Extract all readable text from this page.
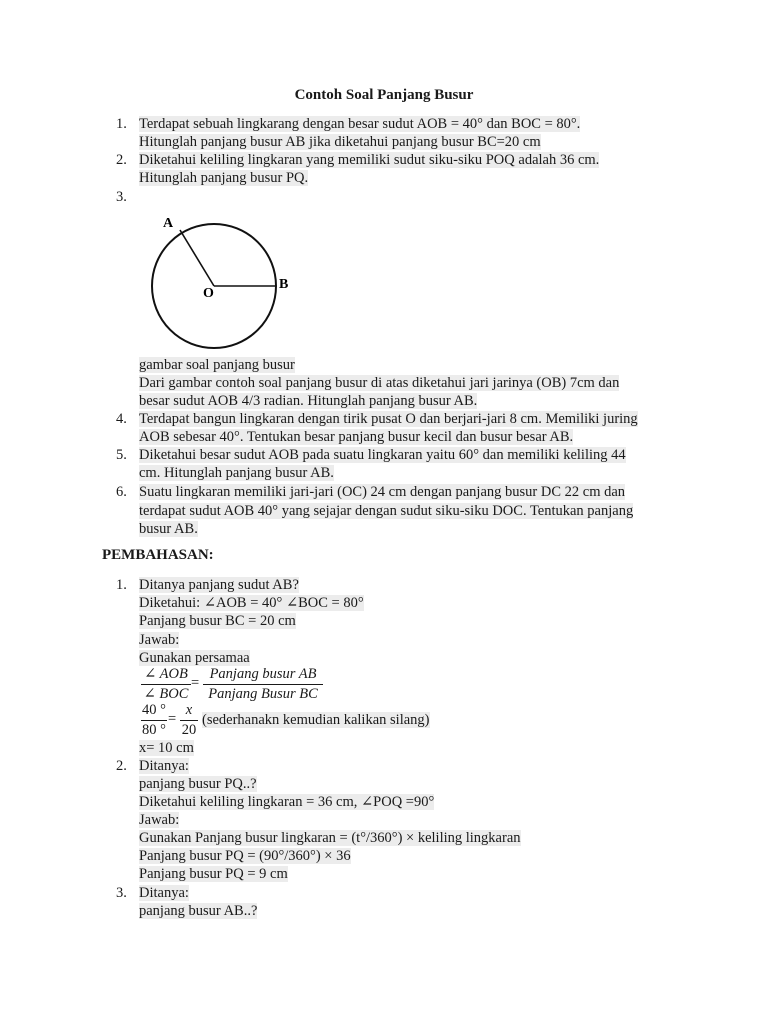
Contoh Soal Panjang Busur
1. Terdapat sebuah lingkarang dengan besar sudut AOB = 40° dan BOC = 80°.
Hitunglah panjang busur AB jika diketahui panjang busur BC=20 cm
2. Diketahui keliling lingkaran yang memiliki sudut siku-siku POQ adalah 36 cm.
Hitunglah panjang busur PQ.
3.
A
O
B
gambar soal panjang busur
Dari gambar contoh soal panjang busur di atas diketahui jari jarinya (OB) 7cm dan
besar sudut AOB 4/3 radian. Hitunglah panjang busur AB.
4. Terdapat bangun lingkaran dengan tirik pusat O dan berjari-jari 8 cm. Memiliki juring
AOB sebesar 40°. Tentukan besar panjang busur kecil dan busur besar AB.
5. Diketahui besar sudut AOB pada suatu lingkaran yaitu 60° dan memiliki keliling 44
cm. Hitunglah panjang busur AB.
6. Suatu lingkaran memiliki jari-jari (OC) 24 cm dengan panjang busur DC 22 cm dan
terdapat sudut AOB 40° yang sejajar dengan sudut siku-siku DOC. Tentukan panjang
busur AB.
PEMBAHASAN:
1. Ditanya panjang sudut AB?
Diketahui: ∠AOB = 40° ∠BOC = 80°
Panjang busur BC = 20 cm
Jawab:
Gunakan persamaa
∠ AOB
∠ BOC
=
Panjang busur AB
Panjang Busur BC
40 °
80 °
=
x
20
(sederhanakn kemudian kalikan silang)
x= 10 cm
2. Ditanya:
panjang busur PQ..?
Diketahui keliling lingkaran = 36 cm, ∠POQ =90°
Jawab:
Gunakan Panjang busur lingkaran = (t°/360°) × keliling lingkaran
Panjang busur PQ = (90°/360°) × 36
Panjang busur PQ = 9 cm
3. Ditanya:
panjang busur AB..?
